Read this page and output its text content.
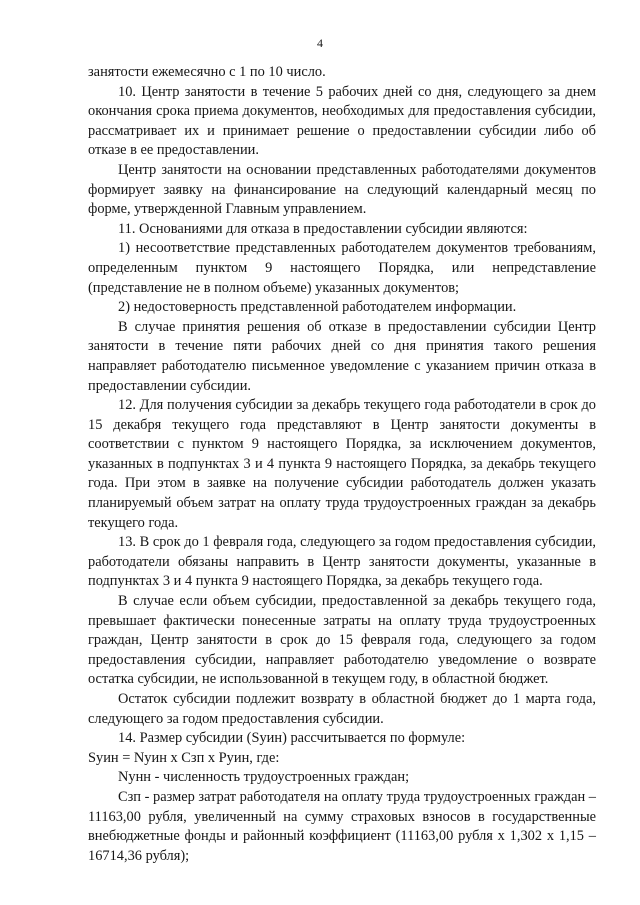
4

занятости ежемесячно с 1 по 10 число.

10. Центр занятости в течение 5 рабочих дней со дня, следующего за днем окончания срока приема документов, необходимых для предоставления субсидии, рассматривает их и принимает решение о предоставлении субсидии либо об отказе в ее предоставлении.

Центр занятости на основании представленных работодателями документов формирует заявку на финансирование на следующий календарный месяц по форме, утвержденной Главным управлением.

11. Основаниями для отказа в предоставлении субсидии являются:

1) несоответствие представленных работодателем документов требованиям, определенным пунктом 9 настоящего Порядка, или непредставление (представление не в полном объеме) указанных документов;

2) недостоверность представленной работодателем информации.

В случае принятия решения об отказе в предоставлении субсидии Центр занятости в течение пяти рабочих дней со дня принятия такого решения направляет работодателю письменное уведомление с указанием причин отказа в предоставлении субсидии.

12. Для получения субсидии за декабрь текущего года работодатели в срок до 15 декабря текущего года представляют в Центр занятости документы в соответствии с пунктом 9 настоящего Порядка, за исключением документов, указанных в подпунктах 3 и 4 пункта 9 настоящего Порядка, за декабрь текущего года. При этом в заявке на получение субсидии работодатель должен указать планируемый объем затрат на оплату труда трудоустроенных граждан за декабрь текущего года.

13. В срок до 1 февраля года, следующего за годом предоставления субсидии, работодатели обязаны направить в Центр занятости документы, указанные в подпунктах 3 и 4 пункта 9 настоящего Порядка, за декабрь текущего года.

В случае если объем субсидии, предоставленной за декабрь текущего года, превышает фактически понесенные затраты на оплату труда трудоустроенных граждан, Центр занятости в срок до 15 февраля года, следующего за годом предоставления субсидии, направляет работодателю уведомление о возврате остатка субсидии, не использованной в текущем году, в областной бюджет.

Остаток субсидии подлежит возврату в областной бюджет до 1 марта года, следующего за годом предоставления субсидии.

14. Размер субсидии (Sуин) рассчитывается по формуле:

Sуин = Nуин х Сзп х Руин, где:

Nунн - численность трудоустроенных граждан;

Сзп - размер затрат работодателя на оплату труда трудоустроенных граждан – 11163,00 рубля, увеличенный на сумму страховых взносов в государственные внебюджетные фонды и районный коэффициент (11163,00 рубля х 1,302 х 1,15 – 16714,36 рубля);
